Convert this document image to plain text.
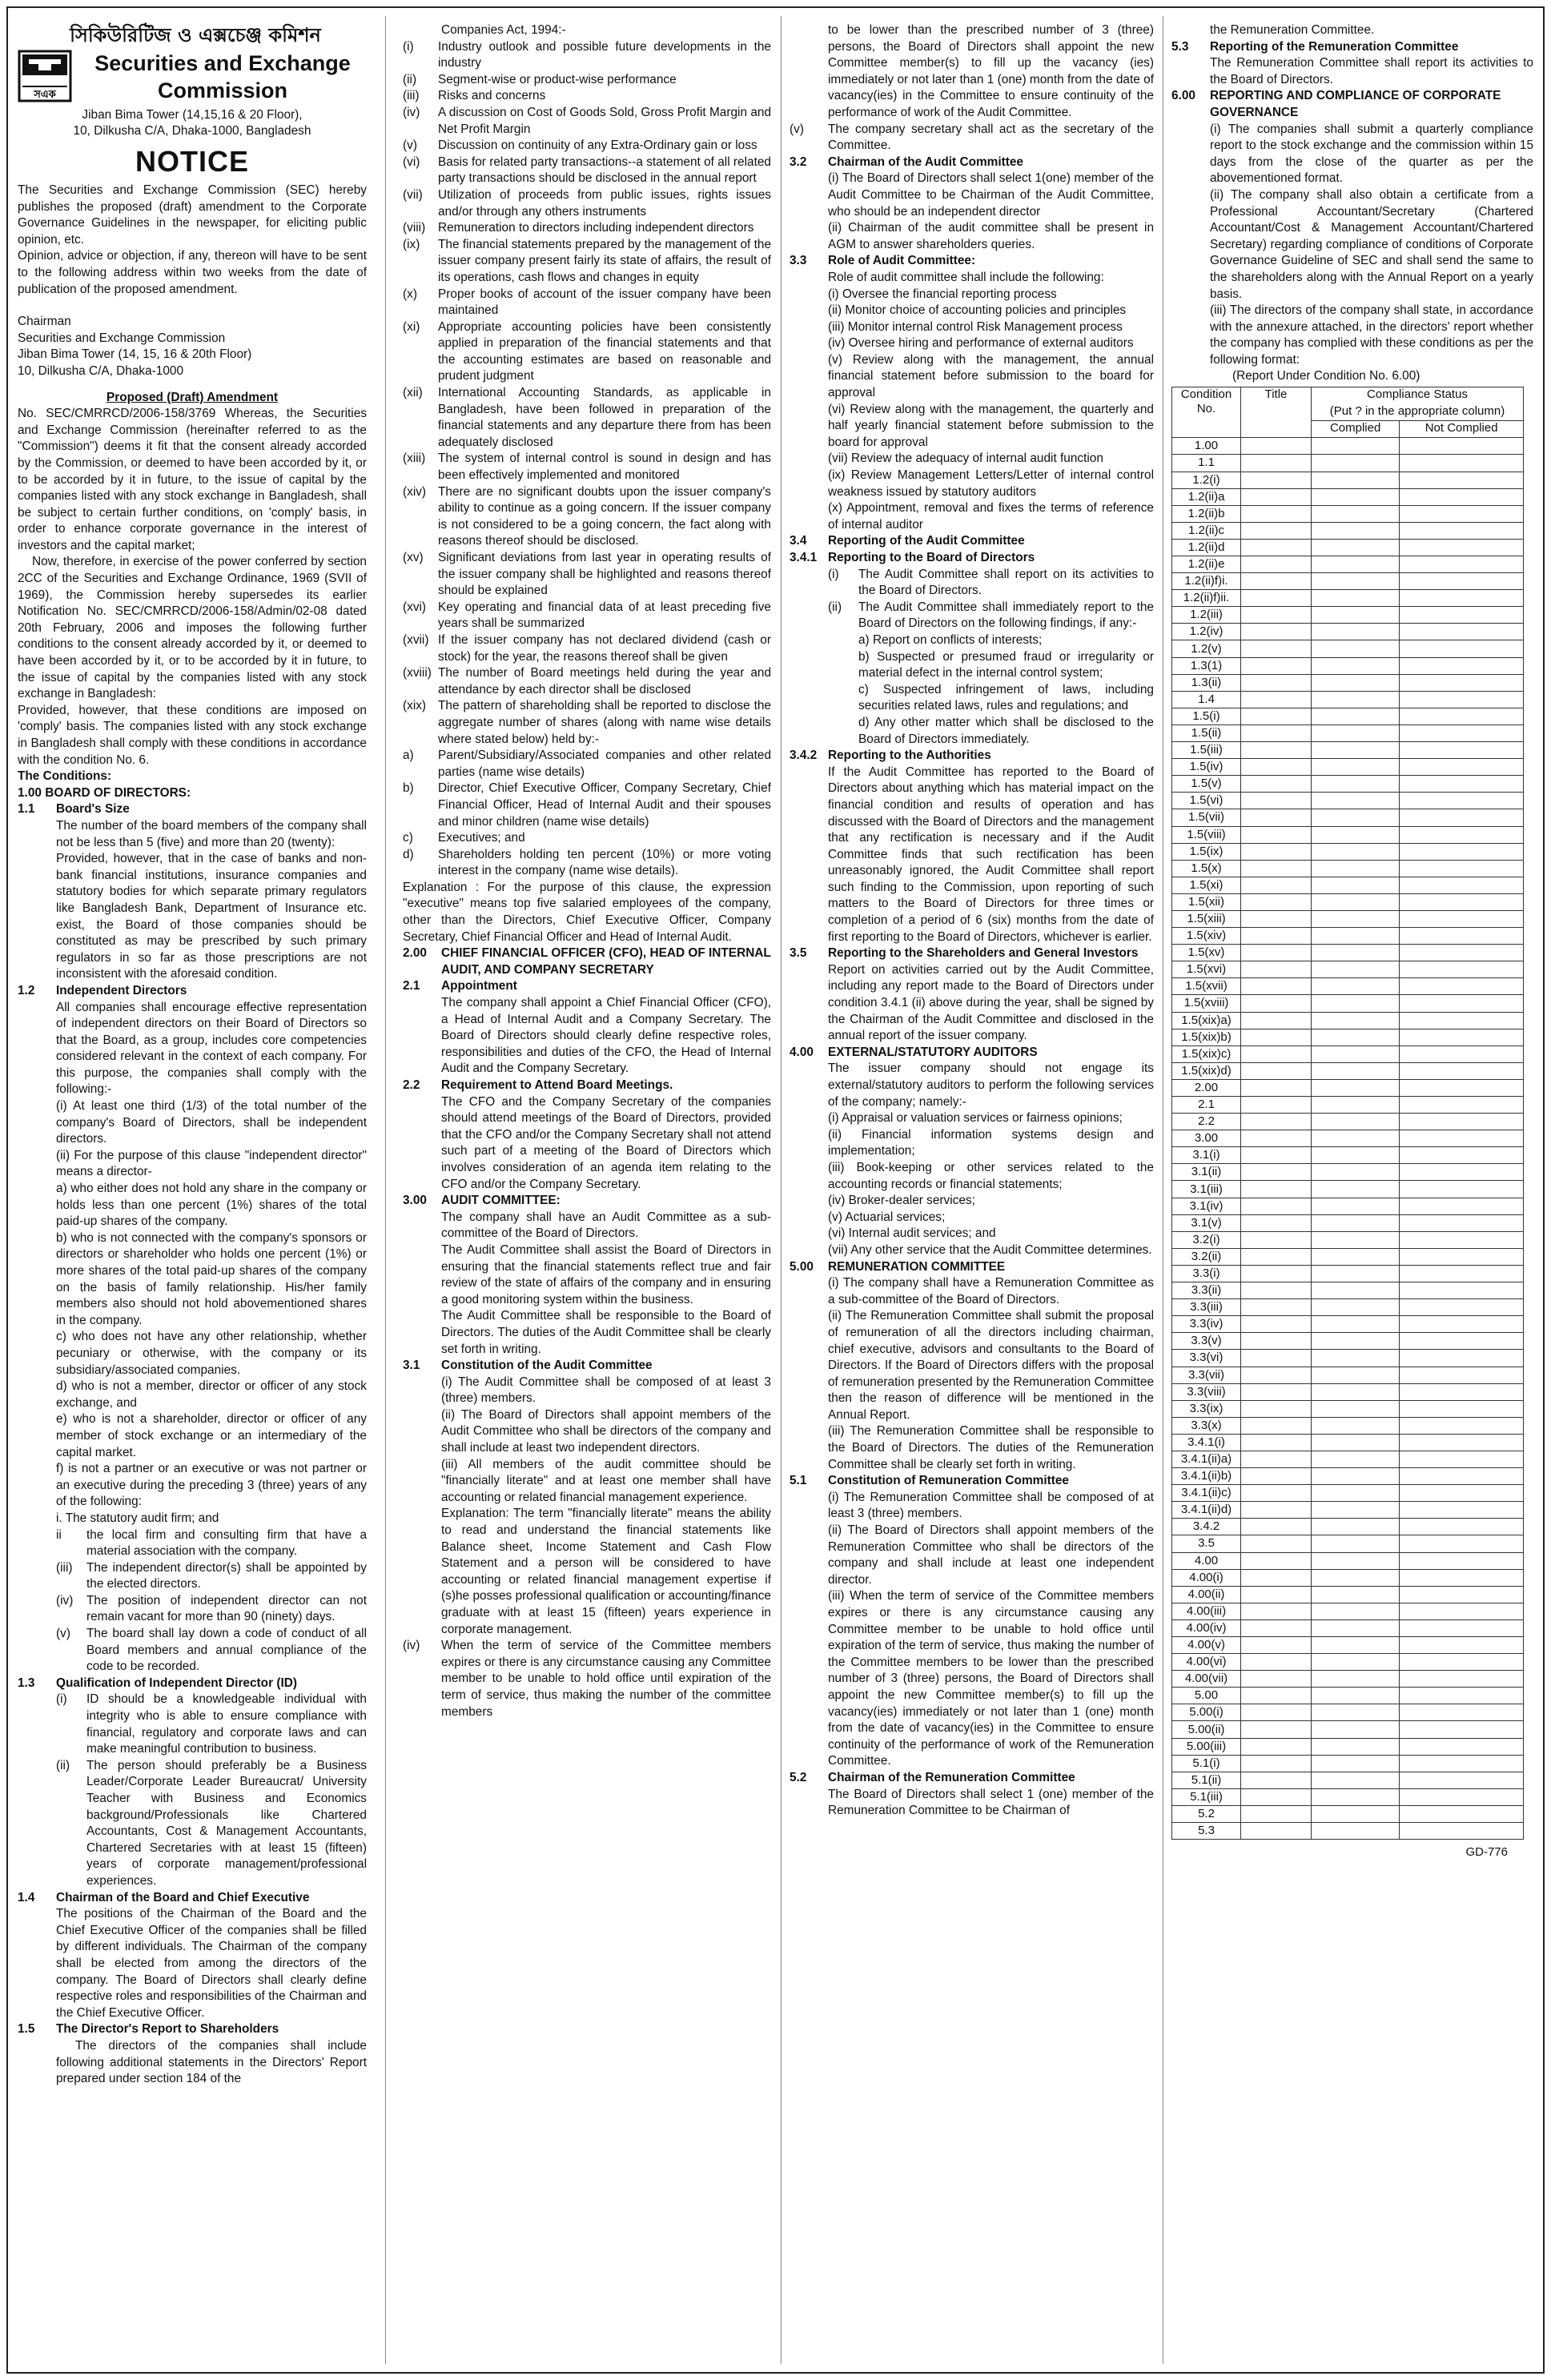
সিকিউরিটিজ ও এক্সচেঞ্জ কমিশন
সএক
Securities and Exchange Commission
Jiban Bima Tower (14,15,16 & 20 Floor),
10, Dilkusha C/A, Dhaka-1000, Bangladesh
NOTICE

The Securities and Exchange Commission (SEC) hereby publishes the proposed (draft) amendment to the Corporate Governance Guidelines in the newspaper, for eliciting public opinion, etc.

Opinion, advice or objection, if any, thereon will have to be sent to the following address within two weeks from the date of publication of the proposed amendment.

Chairman
Securities and Exchange Commission
Jiban Bima Tower (14, 15, 16 & 20th Floor)
10, Dilkusha C/A, Dhaka-1000
Proposed (Draft) Amendment

No. SEC/CMRRCD/2006-158/3769 Whereas, the Securities and Exchange Commission (hereinafter referred to as the "Commission") deems it fit that the consent already accorded by the Commission, or deemed to have been accorded by it, or to be accorded by it in future, to the issue of capital by the companies listed with any stock exchange in Bangladesh, shall be subject to certain further conditions, on 'comply' basis, in order to enhance corporate governance in the interest of investors and the capital market;

Now, therefore, in exercise of the power conferred by section 2CC of the Securities and Exchange Ordinance, 1969 (SVII of 1969), the Commission hereby supersedes its earlier Notification No. SEC/CMRRCD/2006-158/Admin/02-08 dated 20th February, 2006 and imposes the following further conditions to the consent already accorded by it, or deemed to have been accorded by it, or to be accorded by it in future, to the issue of capital by the companies listed with any stock exchange in Bangladesh:

Provided, however, that these conditions are imposed on 'comply' basis. The companies listed with any stock exchange in Bangladesh shall comply with these conditions in accordance with the condition No. 6.

The Conditions:
1.00 BOARD OF DIRECTORS:
1.1	Board's Size

The number of the board members of the company shall not be less than 5 (five) and more than 20 (twenty):

Provided, however, that in the case of banks and non-bank financial institutions, insurance companies and statutory bodies for which separate primary regulators like Bangladesh Bank, Department of Insurance etc. exist, the Board of those companies should be constituted as may be prescribed by such primary regulators in so far as those prescriptions are not inconsistent with the aforesaid condition.

1.2	Independent Directors

All companies shall encourage effective representation of independent directors on their Board of Directors so that the Board, as a group, includes core competencies considered relevant in the context of each company. For this purpose, the companies shall comply with the following:-

(i) At least one third (1/3) of the total number of the company's Board of Directors, shall be independent directors.

(ii) For the purpose of this clause "independent director" means a director-

a) who either does not hold any share in the company or holds less than one percent (1%) shares of the total paid-up shares of the company.

b) who is not connected with the company's sponsors or directors or shareholder who holds one percent (1%) or more shares of the total paid-up shares of the company on the basis of family relationship. His/her family members also should not hold abovementioned shares in the company.

c) who does not have any other relationship, whether pecuniary or otherwise, with the company or its subsidiary/associated companies.

d) who is not a member, director or officer of any stock exchange, and

e) who is not a shareholder, director or officer of any member of stock exchange or an intermediary of the capital market.

f) is not a partner or an executive or was not partner or an executive during the preceding 3 (three) years of any of the following:

i. The statutory audit firm; and

ii	the local firm and consulting firm that have a material association with the company.
(iii)	The independent director(s) shall be appointed by the elected directors.
(iv)	The position of independent director can not remain vacant for more than 90 (ninety) days.
(v)	The board shall lay down a code of conduct of all Board members and annual compliance of the code to be recorded.
1.3	Qualification of Independent Director (ID)
(i)	ID should be a knowledgeable individual with integrity who is able to ensure compliance with financial, regulatory and corporate laws and can make meaningful contribution to business.
(ii)	The person should preferably be a Business Leader/Corporate Leader Bureaucrat/ University Teacher with Business and Economics background/Professionals like Chartered Accountants, Cost & Management Accountants, Chartered Secretaries with at least 15 (fifteen) years of corporate management/professional experiences.
1.4	Chairman of the Board and Chief Executive

The positions of the Chairman of the Board and the Chief Executive Officer of the companies shall be filled by different individuals. The Chairman of the company shall be elected from among the directors of the company. The Board of Directors shall clearly define respective roles and responsibilities of the Chairman and the Chief Executive Officer.

1.5	The Director's Report to Shareholders

The directors of the companies shall include following additional statements in the Directors' Report prepared under section 184 of the

Companies Act, 1994:-
(i)	Industry outlook and possible future developments in the industry
(ii)	Segment-wise or product-wise performance
(iii)	Risks and concerns
(iv)	A discussion on Cost of Goods Sold, Gross Profit Margin and Net Profit Margin
(v)	Discussion on continuity of any Extra-Ordinary gain or loss
(vi)	Basis for related party transactions--a statement of all related party transactions should be disclosed in the annual report
(vii)	Utilization of proceeds from public issues, rights issues and/or through any others instruments
(viii)	Remuneration to directors including independent directors
(ix)	The financial statements prepared by the management of the issuer company present fairly its state of affairs, the result of its operations, cash flows and changes in equity
(x)	Proper books of account of the issuer company have been maintained
(xi)	Appropriate accounting policies have been consistently applied in preparation of the financial statements and that the accounting estimates are based on reasonable and prudent judgment
(xii)	International Accounting Standards, as applicable in Bangladesh, have been followed in preparation of the financial statements and any departure there from has been adequately disclosed
(xiii)	The system of internal control is sound in design and has been effectively implemented and monitored
(xiv) There are no significant doubts upon the issuer company's ability to continue as a going concern. If the issuer company is not considered to be a going concern, the fact along with reasons thereof should be disclosed.
(xv)	Significant deviations from last year in operating results of the issuer company shall be highlighted and reasons thereof should be explained
(xvi) Key operating and financial data of at least preceding five years shall be summarized
(xvii) If the issuer company has not declared dividend (cash or stock) for the year, the reasons thereof shall be given
(xviii) The number of Board meetings held during the year and attendance by each director shall be disclosed
(xix) The pattern of shareholding shall be reported to disclose the aggregate number of shares (along with name wise details where stated below) held by:-
a)	Parent/Subsidiary/Associated companies and other related parties (name wise details)
b)	Director, Chief Executive Officer, Company Secretary, Chief Financial Officer, Head of Internal Audit and their spouses and minor children (name wise details)
c)	Executives; and
d)	Shareholders holding ten percent (10%) or more voting interest in the company (name wise details).

Explanation : For the purpose of this clause, the expression "executive" means top five salaried employees of the company, other than the Directors, Chief Executive Officer, Company Secretary, Chief Financial Officer and Head of Internal Audit.

2.00	CHIEF FINANCIAL OFFICER (CFO), HEAD OF INTERNAL AUDIT, AND COMPANY SECRETARY
2.1	Appointment

The company shall appoint a Chief Financial Officer (CFO), a Head of Internal Audit and a Company Secretary. The Board of Directors should clearly define respective roles, responsibilities and duties of the CFO, the Head of Internal Audit and the Company Secretary.

2.2	Requirement to Attend Board Meetings.

The CFO and the Company Secretary of the companies should attend meetings of the Board of Directors, provided that the CFO and/or the Company Secretary shall not attend such part of a meeting of the Board of Directors which involves consideration of an agenda item relating to the CFO and/or the Company Secretary.

3.00	AUDIT COMMITTEE:

The company shall have an Audit Committee as a sub-committee of the Board of Directors.

The Audit Committee shall assist the Board of Directors in ensuring that the financial statements reflect true and fair review of the state of affairs of the company and in ensuring a good monitoring system within the business.

The Audit Committee shall be responsible to the Board of Directors. The duties of the Audit Committee shall be clearly set forth in writing.

3.1	Constitution of the Audit Committee

(i) The Audit Committee shall be composed of at least 3 (three) members.

(ii) The Board of Directors shall appoint members of the Audit Committee who shall be directors of the company and shall include at least two independent directors.

(iii) All members of the audit committee should be "financially literate" and at least one member shall have accounting or related financial management experience.

Explanation: The term "financially literate" means the ability to read and understand the financial statements like Balance sheet, Income Statement and Cash Flow Statement and a person will be considered to have accounting or related financial management expertise if (s)he posses professional qualification or accounting/finance graduate with at least 15 (fifteen) years experience in corporate management.

(iv)	When the term of service of the Committee members expires or there is any circumstance causing any Committee member to be unable to hold office until expiration of the term of service, thus making the number of the committee members

to be lower than the prescribed number of 3 (three) persons, the Board of Directors shall appoint the new Committee member(s) to fill up the vacancy (ies) immediately or not later than 1 (one) month from the date of vacancy(ies) in the Committee to ensure continuity of the performance of work of the Audit Committee.

(v)	The company secretary shall act as the secretary of the Committee.
3.2	Chairman of the Audit Committee

(i) The Board of Directors shall select 1(one) member of the Audit Committee to be Chairman of the Audit Committee, who should be an independent director

(ii) Chairman of the audit committee shall be present in AGM to answer shareholders queries.

3.3	Role of Audit Committee:

Role of audit committee shall include the following:

(i) Oversee the financial reporting process

(ii) Monitor choice of accounting policies and principles

(iii) Monitor internal control Risk Management process

(iv) Oversee hiring and performance of external auditors

(v) Review along with the management, the annual financial statement before submission to the board for approval

(vi) Review along with the management, the quarterly and half yearly financial statement before submission to the board for approval

(vii) Review the adequacy of internal audit function

(ix) Review Management Letters/Letter of internal control weakness issued by statutory auditors

(x) Appointment, removal and fixes the terms of reference of internal auditor

3.4	Reporting of the Audit Committee
3.4.1 Reporting to the Board of Directors
(i)	The Audit Committee shall report on its activities to the Board of Directors.
(ii)	The Audit Committee shall immediately report to the Board of Directors on the following findings, if any:-

a) Report on conflicts of interests;

b) Suspected or presumed fraud or irregularity or material defect in the internal control system;

c) Suspected infringement of laws, including securities related laws, rules and regulations; and

d) Any other matter which shall be disclosed to the Board of Directors immediately.

3.4.2 Reporting to the Authorities

If the Audit Committee has reported to the Board of Directors about anything which has material impact on the financial condition and results of operation and has discussed with the Board of Directors and the management that any rectification is necessary and if the Audit Committee finds that such rectification has been unreasonably ignored, the Audit Committee shall report such finding to the Commission, upon reporting of such matters to the Board of Directors for three times or completion of a period of 6 (six) months from the date of first reporting to the Board of Directors, whichever is earlier.

3.5	Reporting to the Shareholders and General Investors

Report on activities carried out by the Audit Committee, including any report made to the Board of Directors under condition 3.4.1 (ii) above during the year, shall be signed by the Chairman of the Audit Committee and disclosed in the annual report of the issuer company.

4.00	EXTERNAL/STATUTORY AUDITORS

The issuer company should not engage its external/statutory auditors to perform the following services of the company; namely:-

(i) Appraisal or valuation services or fairness opinions;

(ii) Financial information systems design and implementation;

(iii) Book-keeping or other services related to the accounting records or financial statements;

(iv) Broker-dealer services;

(v) Actuarial services;

(vi) Internal audit services; and

(vii) Any other service that the Audit Committee determines.

5.00	REMUNERATION COMMITTEE

(i) The company shall have a Remuneration Committee as a sub-committee of the Board of Directors.

(ii) The Remuneration Committee shall submit the proposal of remuneration of all the directors including chairman, chief executive, advisors and consultants to the Board of Directors. If the Board of Directors differs with the proposal of remuneration presented by the Remuneration Committee then the reason of difference will be mentioned in the Annual Report.

(iii) The Remuneration Committee shall be responsible to the Board of Directors. The duties of the Remuneration Committee shall be clearly set forth in writing.

5.1	Constitution of Remuneration Committee

(i) The Remuneration Committee shall be composed of at least 3 (three) members.

(ii) The Board of Directors shall appoint members of the Remuneration Committee who shall be directors of the company and shall include at least one independent director.

(iii) When the term of service of the Committee members expires or there is any circumstance causing any Committee member to be unable to hold office until expiration of the term of service, thus making the number of the Committee members to be lower than the prescribed number of 3 (three) persons, the Board of Directors shall appoint the new Committee member(s) to fill up the vacancy(ies) immediately or not later than 1 (one) month from the date of vacancy(ies) in the Committee to ensure continuity of the performance of work of the Remuneration Committee.

5.2	Chairman of the Remuneration Committee

The Board of Directors shall select 1 (one) member of the Remuneration Committee to be Chairman of

the Remuneration Committee.
5.3	Reporting of the Remuneration Committee

The Remuneration Committee shall report its activities to the Board of Directors.

6.00	REPORTING AND COMPLIANCE OF CORPORATE GOVERNANCE

(i) The companies shall submit a quarterly compliance report to the stock exchange and the commission within 15 days from the close of the quarter as per the abovementioned format.

(ii) The company shall also obtain a certificate from a Professional Accountant/Secretary (Chartered Accountant/Cost & Management Accountant/Chartered Secretary) regarding compliance of conditions of Corporate Governance Guideline of SEC and shall send the same to the shareholders along with the Annual Report on a yearly basis.

(iii) The directors of the company shall state, in accordance with the annexure attached, in the directors' report whether the company has complied with these conditions as per the following format:

(Report Under Condition No. 6.00)
Condition No.	Title	Compliance Status	
		(Put ? in the appropriate column)	
		Complied	Not Complied
1.00			
1.1			
1.2(i)			
1.2(ii)a			
1.2(ii)b			
1.2(ii)c			
1.2(ii)d			
1.2(ii)e			
1.2(ii)f)i.			
1.2(ii)f)ii.			
1.2(iii)			
1.2(iv)			
1.2(v)			
1.3(1)			
1.3(ii)			
1.4			
1.5(i)			
1.5(ii)			
1.5(iii)			
1.5(iv)			
1.5(v)			
1.5(vi)			
1.5(vii)			
1.5(viii)			
1.5(ix)			
1.5(x)			
1.5(xi)			
1.5(xii)			
1.5(xiii)			
1.5(xiv)			
1.5(xv)			
1.5(xvi)			
1.5(xvii)			
1.5(xviii)			
1.5(xix)a)			
1.5(xix)b)			
1.5(xix)c)			
1.5(xix)d)			
2.00			
2.1			
2.2			
3.00			
3.1(i)			
3.1(ii)			
3.1(iii)			
3.1(iv)			
3.1(v)			
3.2(i)			
3.2(ii)			
3.3(i)			
3.3(ii)			
3.3(iii)			
3.3(iv)			
3.3(v)			
3.3(vi)			
3.3(vii)			
3.3(viii)			
3.3(ix)			
3.3(x)			
3.4.1(i)			
3.4.1(ii)a)			
3.4.1(ii)b)			
3.4.1(ii)c)			
3.4.1(ii)d)			
3.4.2			
3.5			
4.00			
4.00(i)			
4.00(ii)			
4.00(iii)			
4.00(iv)			
4.00(v)			
4.00(vi)			
4.00(vii)			
5.00			
5.00(i)			
5.00(ii)			
5.00(iii)			
5.1(i)			
5.1(ii)			
5.1(iii)			
5.2			
5.3			
GD-776
